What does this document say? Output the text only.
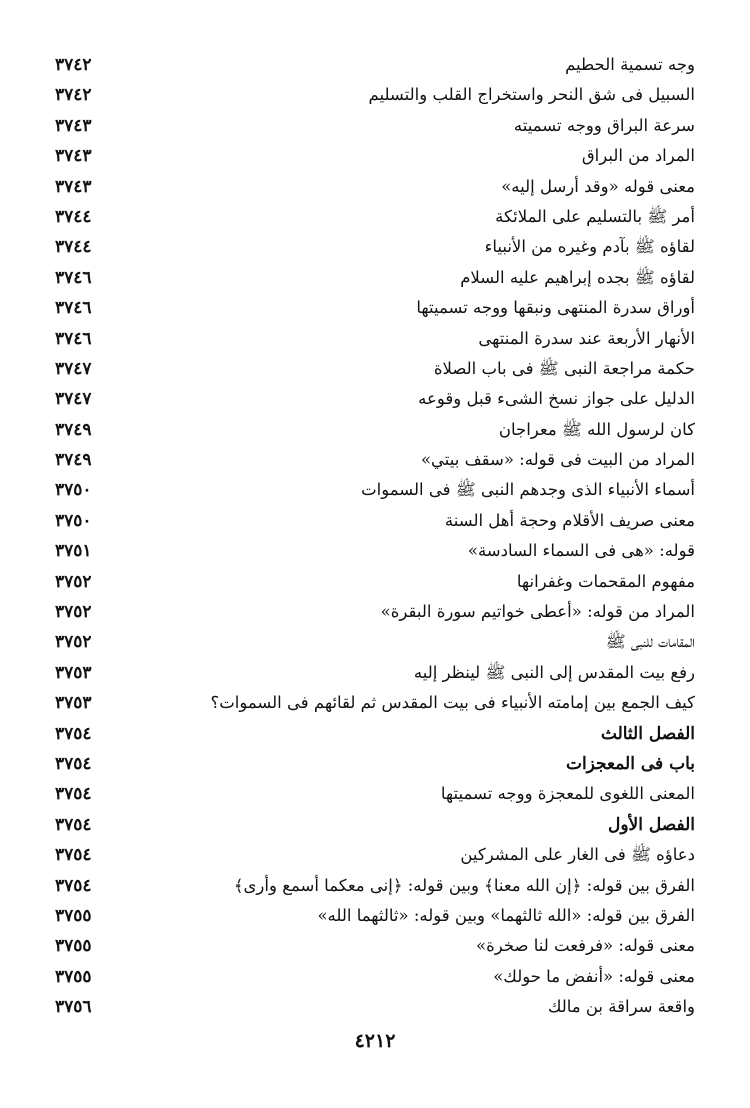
وجه تسمية الحطيم
٣٧٤٢
السبيل فى شق النحر واستخراج القلب والتسليم
٣٧٤٢
سرعة البراق ووجه تسميته
٣٧٤٣
المراد من البراق
٣٧٤٣
معنى قوله «وقد أرسل إليه»
٣٧٤٣
أمر ﷺ بالتسليم على الملائكة
٣٧٤٤
لقاؤه ﷺ بآدم وغيره من الأنبياء
٣٧٤٤
لقاؤه ﷺ بجده إبراهيم عليه السلام
٣٧٤٦
أوراق سدرة المنتهى ونبقها ووجه تسميتها
٣٧٤٦
الأنهار الأربعة عند سدرة المنتهى
٣٧٤٦
حكمة مراجعة النبى ﷺ فى باب الصلاة
٣٧٤٧
الدليل على جواز نسخ الشىء قبل وقوعه
٣٧٤٧
كان لرسول الله ﷺ معراجان
٣٧٤٩
المراد من البيت فى قوله: «سقف بيتي»
٣٧٤٩
أسماء الأنبياء الذى وجدهم النبى ﷺ فى السموات
٣٧٥٠
معنى صريف الأقلام وحجة أهل السنة
٣٧٥٠
قوله: «هى فى السماء السادسة»
٣٧٥١
مفهوم المقحمات وغفرانها
٣٧٥٢
المراد من قوله: «أعطى خواتيم سورة البقرة»
٣٧٥٢
المقامات للنبى ﷺ
٣٧٥٢
رفع بيت المقدس إلى النبى ﷺ لينظر إليه
٣٧٥٣
كيف الجمع بين إمامته الأنبياء فى بيت المقدس ثم لقائهم فى السموات؟
٣٧٥٣
الفصل الثالث
٣٧٥٤
باب فى المعجزات
٣٧٥٤
المعنى اللغوى للمعجزة ووجه تسميتها
٣٧٥٤
الفصل الأول
٣٧٥٤
دعاؤه ﷺ فى الغار على المشركين
٣٧٥٤
الفرق بين قوله: ﴿إن الله معنا﴾ وبين قوله: ﴿إنى معكما أسمع وأرى﴾
٣٧٥٤
الفرق بين قوله: «الله ثالثهما» وبين قوله: «ثالثهما الله»
٣٧٥٥
معنى قوله: «فرفعت لنا صخرة»
٣٧٥٥
معنى قوله: «أنفض ما حولك»
٣٧٥٥
واقعة سراقة بن مالك
٣٧٥٦
٤٢١٢
